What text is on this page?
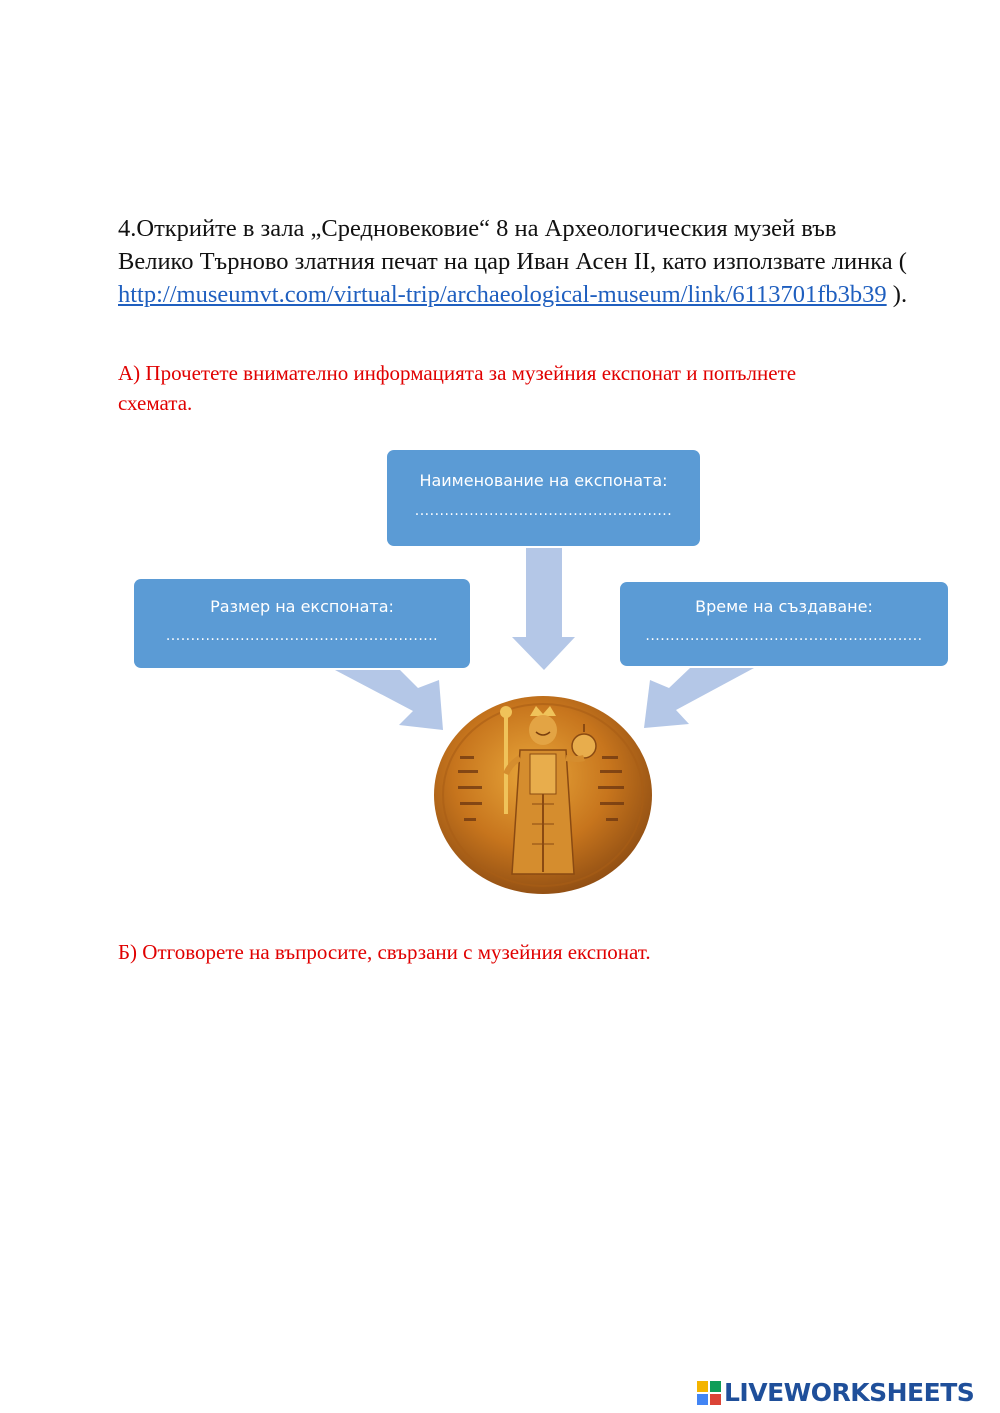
4.Открийте в зала „Средновековие“ 8 на Археологическия музей във Велико Търново златния печат на цар Иван Асен II, като използвате линка ( http://museumvt.com/virtual-trip/archaeological-museum/link/6113701fb3b39 ).

А) Прочетете внимателно информацията за музейния експонат и попълнете схемата.

Наименование на експоната:
....................................................
Размер на експоната:
.......................................................
Време на създаване:
........................................................

Б) Отговорете на въпросите, свързани с музейния експонат.

LIVEWORKSHEETS
